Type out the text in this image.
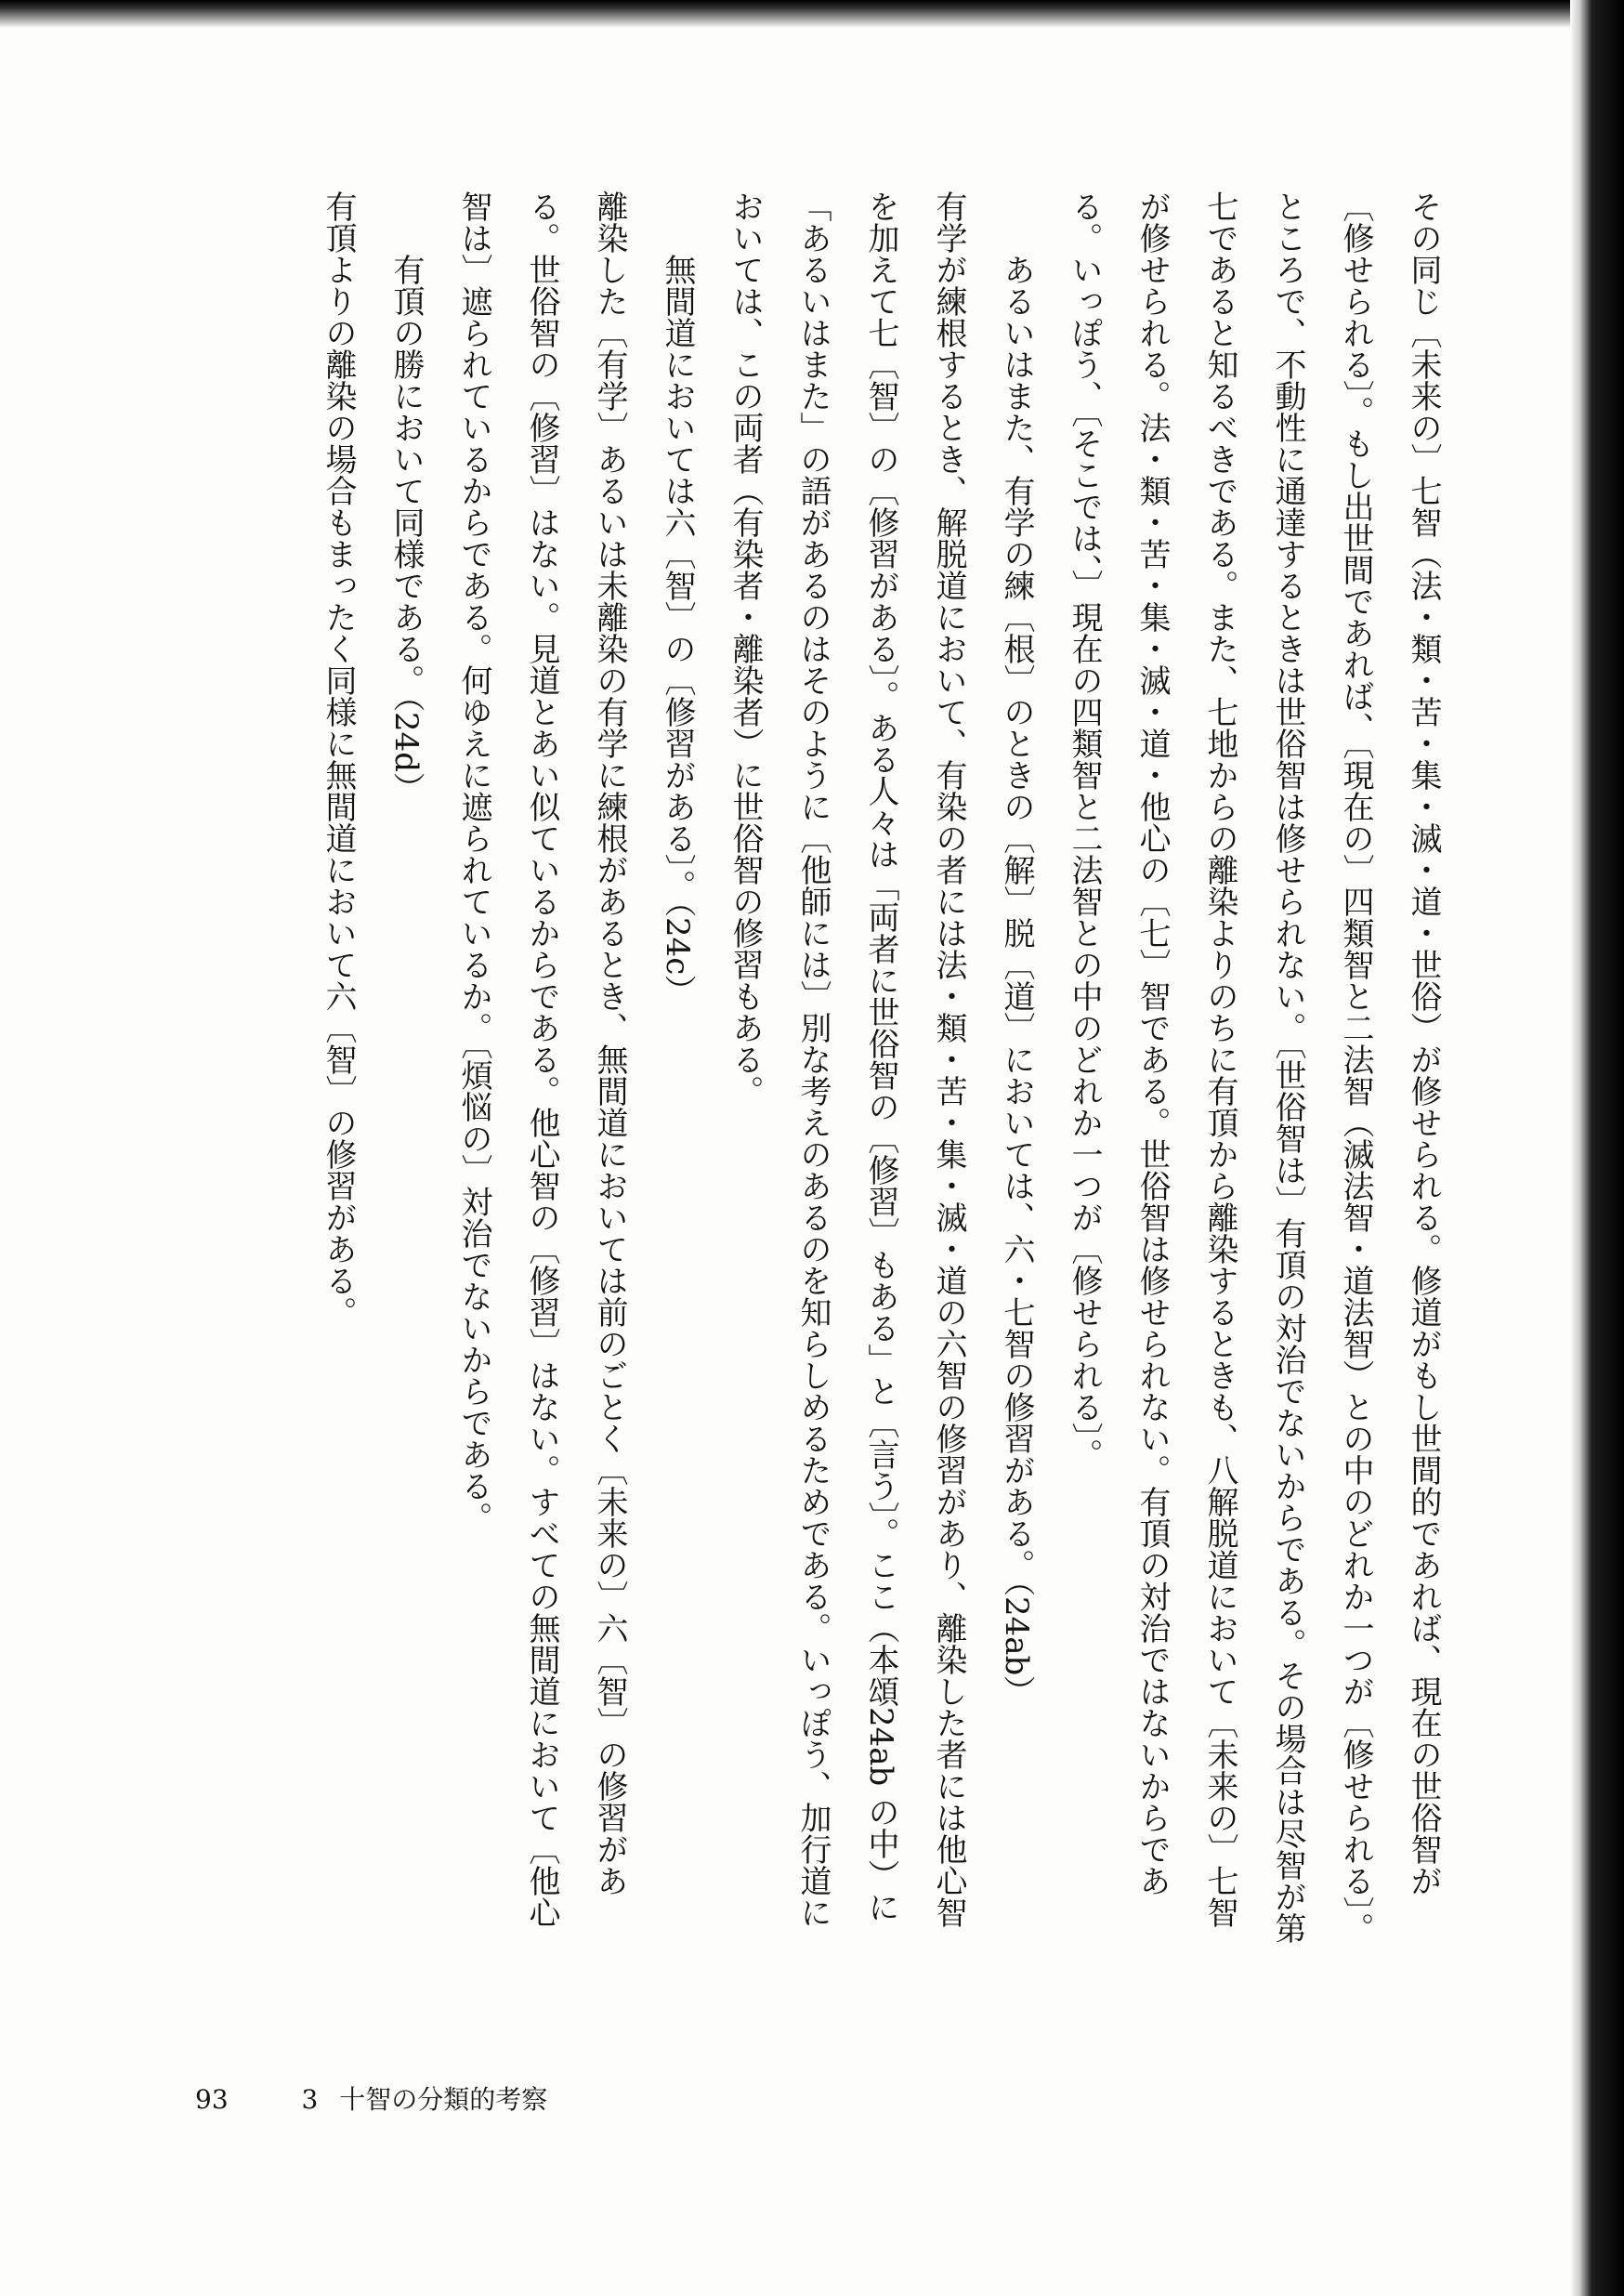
その同じ〔未来の〕七智（法・類・苦・集・滅・道・世俗）が修せられる。修道がもし世間的であれば、現在の世俗智が〔修せられる〕。もし出世間であれば、〔現在の〕四類智と二法智（滅法智・道法智）との中のどれか一つが〔修せられる〕。ところで、不動性に通達するときは世俗智は修せられない。〔世俗智は〕有頂の対治でないからである。その場合は尽智が第七であると知るべきである。また、七地からの離染よりのちに有頂から離染するときも、八解脱道において〔未来の〕七智が修せられる。法・類・苦・集・滅・道・他心の〔七〕智である。世俗智は修せられない。有頂の対治ではないからである。いっぽう、〔そこでは、〕現在の四類智と二法智との中のどれか一つが〔修せられる〕。

あるいはまた、有学の練〔根〕のときの〔解〕脱〔道〕においては、六・七智の修習がある。（24ab）

有学が練根するとき、解脱道において、有染の者には法・類・苦・集・滅・道の六智の修習があり、離染した者には他心智を加えて七〔智〕の〔修習がある〕。ある人々は「両者に世俗智の〔修習〕もある」と〔言う〕。ここ（本頌24ab の中）に「あるいはまた」の語があるのはそのように〔他師には〕別な考えのあるのを知らしめるためである。いっぽう、加行道においては、この両者（有染者・離染者）に世俗智の修習もある。

無間道においては六〔智〕の〔修習がある〕。（24c）

離染した〔有学〕あるいは未離染の有学に練根があるとき、無間道においては前のごとく〔未来の〕六〔智〕の修習がある。世俗智の〔修習〕はない。見道とあい似ているからである。他心智の〔修習〕はない。すべての無間道において〔他心智は〕遮られているからである。何ゆえに遮られているか。〔煩悩の〕対治でないからである。

有頂の勝において同様である。（24d）

有頂よりの離染の場合もまったく同様に無間道において六〔智〕の修習がある。

93	3 十智の分類的考察
